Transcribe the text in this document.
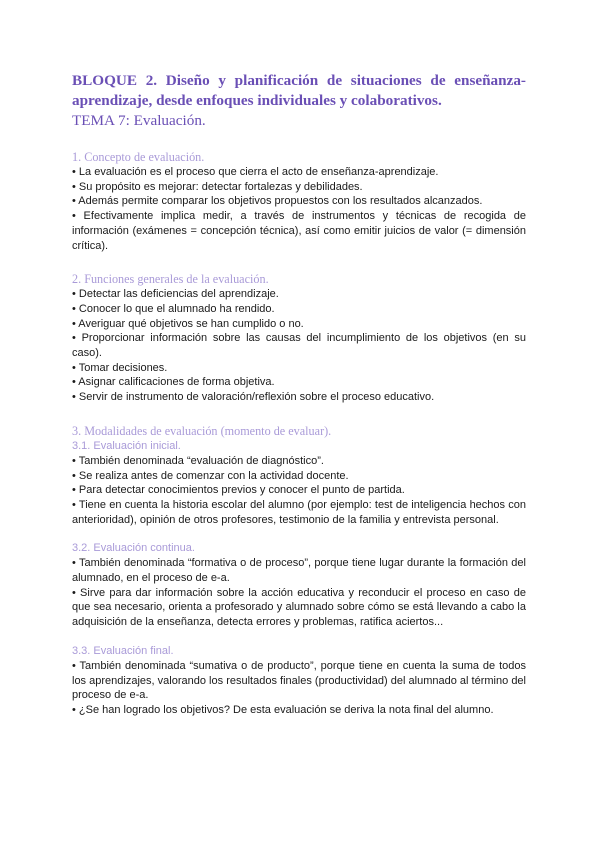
BLOQUE 2. Diseño y planificación de situaciones de enseñanza-aprendizaje, desde enfoques individuales y colaborativos.

TEMA 7: Evaluación.

1. Concepto de evaluación.

• La evaluación es el proceso que cierra el acto de enseñanza-aprendizaje.
• Su propósito es mejorar: detectar fortalezas y debilidades.
• Además permite comparar los objetivos propuestos con los resultados alcanzados.
• Efectivamente implica medir, a través de instrumentos y técnicas de recogida de información (exámenes = concepción técnica), así como emitir juicios de valor (= dimensión crítica).

2. Funciones generales de la evaluación.

• Detectar las deficiencias del aprendizaje.
• Conocer lo que el alumnado ha rendido.
• Averiguar qué objetivos se han cumplido o no.
• Proporcionar información sobre las causas del incumplimiento de los objetivos (en su caso).
• Tomar decisiones.
• Asignar calificaciones de forma objetiva.
• Servir de instrumento de valoración/reflexión sobre el proceso educativo.

3. Modalidades de evaluación (momento de evaluar).

3.1. Evaluación inicial.

• También denominada “evaluación de diagnóstico”.
• Se realiza antes de comenzar con la actividad docente.
• Para detectar conocimientos previos y conocer el punto de partida.
• Tiene en cuenta la historia escolar del alumno (por ejemplo: test de inteligencia hechos con anterioridad), opinión de otros profesores, testimonio de la familia y entrevista personal.

3.2. Evaluación continua.

• También denominada “formativa o de proceso”, porque tiene lugar durante la formación del alumnado, en el proceso de e-a.
• Sirve para dar información sobre la acción educativa y reconducir el proceso en caso de que sea necesario, orienta a profesorado y alumnado sobre cómo se está llevando a cabo la adquisición de la enseñanza, detecta errores y problemas, ratifica aciertos...

3.3. Evaluación final.

• También denominada “sumativa o de producto”, porque tiene en cuenta la suma de todos los aprendizajes, valorando los resultados finales (productividad) del alumnado al término del proceso de e-a.
• ¿Se han logrado los objetivos? De esta evaluación se deriva la nota final del alumno.
